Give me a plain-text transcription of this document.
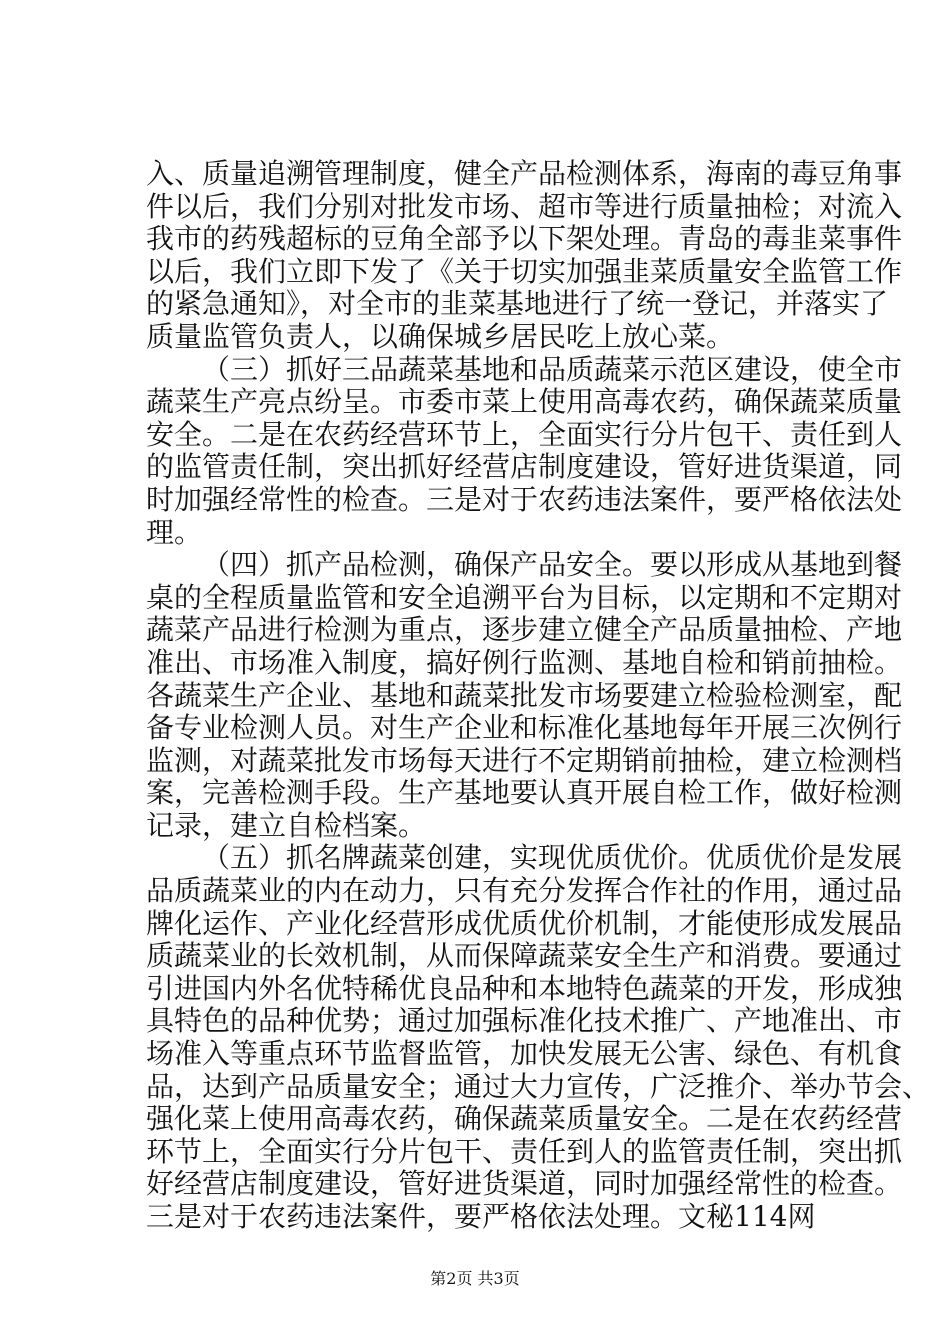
入、质量追溯管理制度，健全产品检测体系，海南的毒豆角事
件以后，我们分别对批发市场、超市等进行质量抽检；对流入
我市的药残超标的豆角全部予以下架处理。青岛的毒韭菜事件
以后，我们立即下发了《关于切实加强韭菜质量安全监管工作
的紧急通知》，对全市的韭菜基地进行了统一登记，并落实了
质量监管负责人，以确保城乡居民吃上放心菜。
（三）抓好三品蔬菜基地和品质蔬菜示范区建设，使全市
蔬菜生产亮点纷呈。市委市菜上使用高毒农药，确保蔬菜质量
安全。二是在农药经营环节上，全面实行分片包干、责任到人
的监管责任制，突出抓好经营店制度建设，管好进货渠道，同
时加强经常性的检查。三是对于农药违法案件，要严格依法处
理。
（四）抓产品检测，确保产品安全。要以形成从基地到餐
桌的全程质量监管和安全追溯平台为目标，以定期和不定期对
蔬菜产品进行检测为重点，逐步建立健全产品质量抽检、产地
准出、市场准入制度，搞好例行监测、基地自检和销前抽检。
各蔬菜生产企业、基地和蔬菜批发市场要建立检验检测室，配
备专业检测人员。对生产企业和标准化基地每年开展三次例行
监测，对蔬菜批发市场每天进行不定期销前抽检，建立检测档
案，完善检测手段。生产基地要认真开展自检工作，做好检测
记录，建立自检档案。
（五）抓名牌蔬菜创建，实现优质优价。优质优价是发展
品质蔬菜业的内在动力，只有充分发挥合作社的作用，通过品
牌化运作、产业化经营形成优质优价机制，才能使形成发展品
质蔬菜业的长效机制，从而保障蔬菜安全生产和消费。要通过
引进国内外名优特稀优良品种和本地特色蔬菜的开发，形成独
具特色的品种优势；通过加强标准化技术推广、产地准出、市
场准入等重点环节监督监管，加快发展无公害、绿色、有机食
品，达到产品质量安全；通过大力宣传，广泛推介、举办节会、
强化菜上使用高毒农药，确保蔬菜质量安全。二是在农药经营
环节上，全面实行分片包干、责任到人的监管责任制，突出抓
好经营店制度建设，管好进货渠道，同时加强经常性的检查。
三是对于农药违法案件，要严格依法处理。文秘114网
第2页 共3页
